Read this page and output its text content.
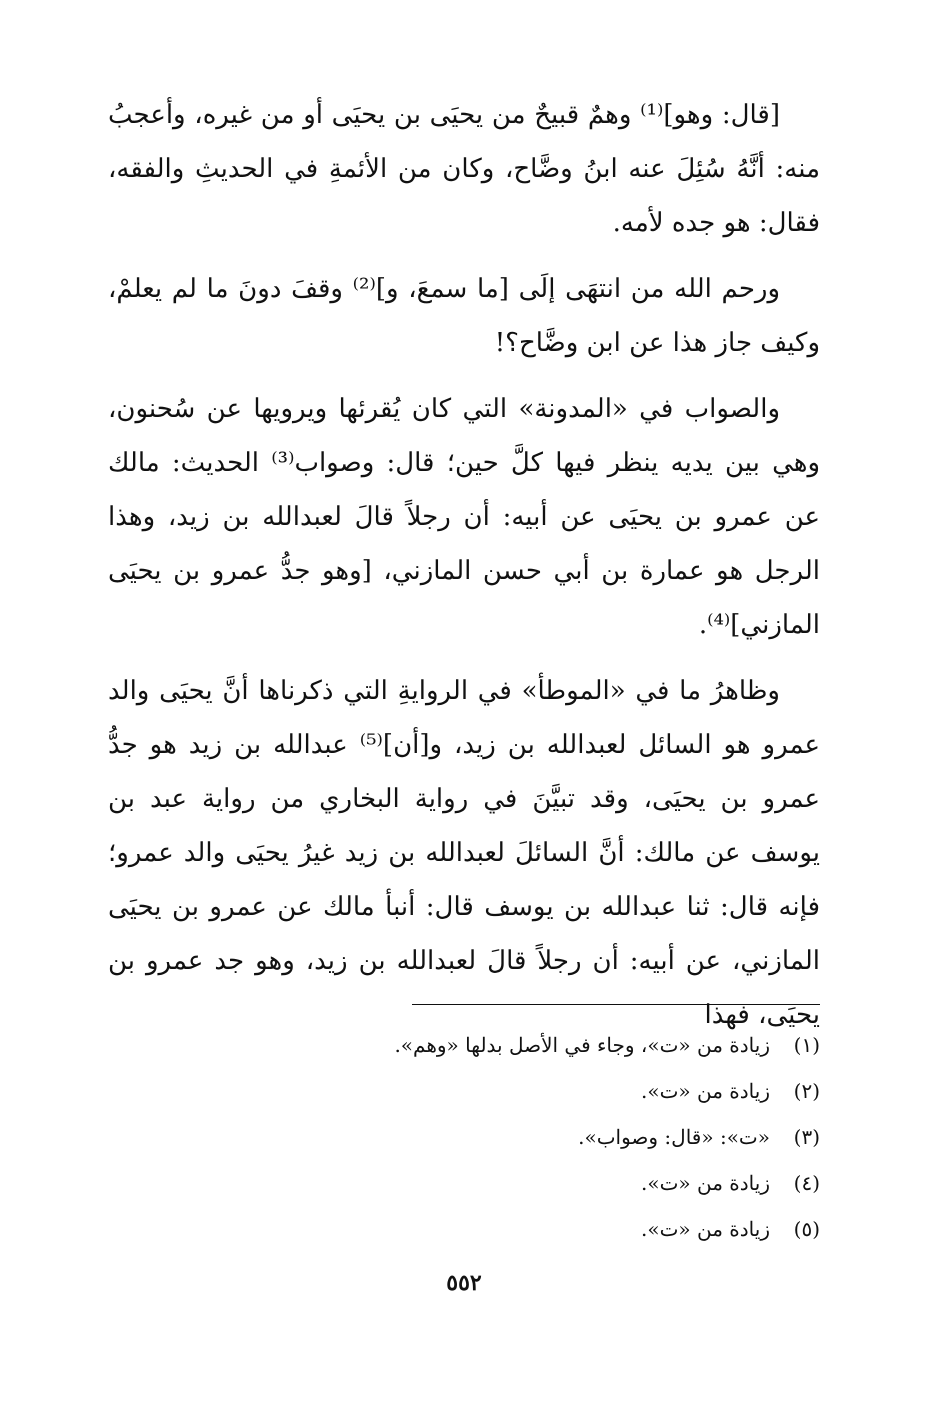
[قال: وهو]⁽¹⁾ وهمٌ قبيحٌ من يحيَى بن يحيَى أو من غيره، وأعجبُ منه: أنَّهُ سُئِلَ عنه ابنُ وضَّاح، وكان من الأئمةِ في الحديثِ والفقه، فقال: هو جده لأمه.

ورحم الله من انتهَى إلَى [ما سمعَ، و]⁽²⁾ وقفَ دونَ ما لم يعلمْ، وكيف جاز هذا عن ابن وضَّاح؟!

والصواب في «المدونة» التي كان يُقرئها ويرويها عن سُحنون، وهي بين يديه ينظر فيها كلَّ حين؛ قال: وصواب⁽³⁾ الحديث: مالك عن عمرو بن يحيَى عن أبيه: أن رجلاً قالَ لعبدالله بن زيد، وهذا الرجل هو عمارة بن أبي حسن المازني، [وهو جدُّ عمرو بن يحيَى المازني]⁽⁴⁾.

وظاهرُ ما في «الموطأ» في الروايةِ التي ذكرناها أنَّ يحيَى والد عمرو هو السائل لعبدالله بن زيد، و[أن]⁽⁵⁾ عبدالله بن زيد هو جدُّ عمرو بن يحيَى، وقد تبيَّنَ في رواية البخاري من رواية عبد بن يوسف عن مالك: أنَّ السائلَ لعبدالله بن زيد غيرُ يحيَى والد عمرو؛ فإنه قال: ثنا عبدالله بن يوسف قال: أنبأ مالك عن عمرو بن يحيَى المازني، عن أبيه: أن رجلاً قالَ لعبدالله بن زيد، وهو جد عمرو بن يحيَى، فهذا

(١)
زيادة من «ت»، وجاء في الأصل بدلها «وهم».
(٢)
زيادة من «ت».
(٣)
«ت»: «قال: وصواب».
(٤)
زيادة من «ت».
(٥)
زيادة من «ت».
٥٥٢
